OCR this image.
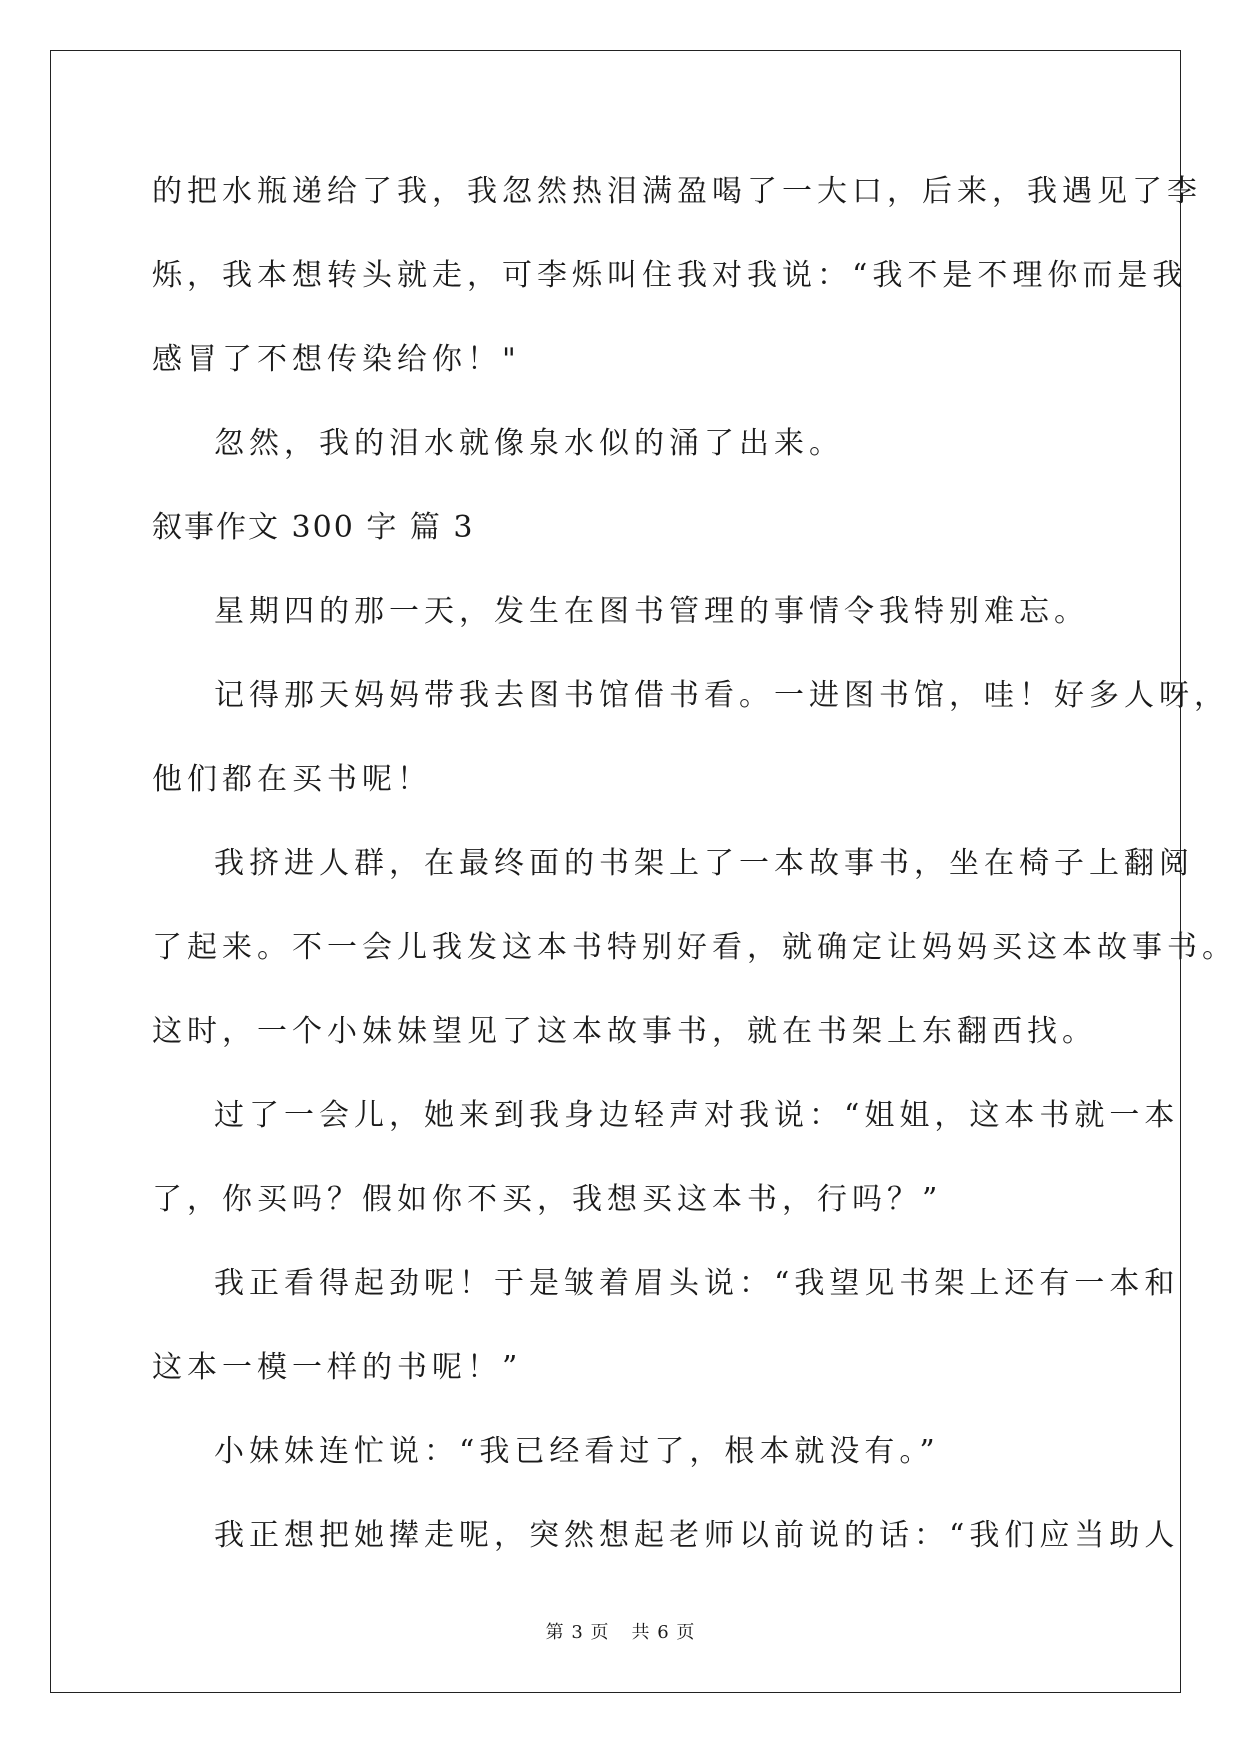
的把水瓶递给了我，我忽然热泪满盈喝了一大口，后来，我遇见了李
烁，我本想转头就走，可李烁叫住我对我说：“我不是不理你而是我
感冒了不想传染给你！"
忽然，我的泪水就像泉水似的涌了出来。
叙事作文 300 字 篇 3
星期四的那一天，发生在图书管理的事情令我特别难忘。
记得那天妈妈带我去图书馆借书看。一进图书馆，哇！好多人呀，
他们都在买书呢！
我挤进人群，在最终面的书架上了一本故事书，坐在椅子上翻阅
了起来。不一会儿我发这本书特别好看，就确定让妈妈买这本故事书。
这时，一个小妹妹望见了这本故事书，就在书架上东翻西找。
过了一会儿，她来到我身边轻声对我说：“姐姐，这本书就一本
了，你买吗？假如你不买，我想买这本书，行吗？”
我正看得起劲呢！于是皱着眉头说：“我望见书架上还有一本和
这本一模一样的书呢！”
小妹妹连忙说：“我已经看过了，根本就没有。”
我正想把她撵走呢，突然想起老师以前说的话：“我们应当助人
第 3 页 共 6 页
